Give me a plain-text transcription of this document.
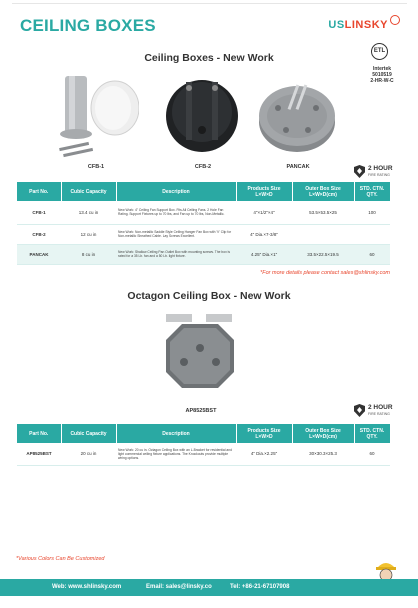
CEILING BOXES	USLINSKY
Ceiling Boxes - New Work
ETL
Intertek
5010519
2-HR-W-C
CFB-1	CFB-2	PANCAK	2 HOUR
FIRE RATING
Part No.	Cubic Capacity	Description	Products Size L×W×D	Outer Box Size L×W×D(cm)	STD. CTN. QTY.
CFB-1	13.4 cu in	New Work: 4" Ceiling Fan Support Box. Fits All Ceiling Fans. 2 Hole Fan Rating. Support Fixtures up to 70 lbs, and Fan up to 70 lbs, Non-Metallic.	4"×1/2"×4"	53.5×53.5×25	100
CFB-2	12 cu in	New Work: Non-metallic Saddle Style Ceiling Hanger Fan Box with 'V' Clip for Non-metallic Sheathed Cable. Lay Screws Excellent.	4" Dia.×7-3/8"		
PANCAK	8 cu in	New Work: Shallow Ceiling Pan Outlet Box with mounting screws. The box is rated for a 35 Lb. fan and a 50 Lb. light fixture.	4.25" Dia.×1"	33.5×22.5×19.5	60
*For more details please contact sales@shlinsky.com
Octagon Ceiling Box - New Work
AP8525BST
2 HOUR
FIRE RATING
Part No.	Cubic Capacity	Description	Products Size L×W×D	Outer Box Size L×W×D(cm)	STD. CTN. QTY.
AP8525BST	20 cu in	New Work: 20 cu in. Octagon Ceiling Box with an L-Bracket for residential and light commercial ceiling fixture applications. The Knockouts provide multiple wiring options.	4" Dia.×2.25"	30×30.3×25.3	60
*Various Colors Can Be Customized
Web: www.shlinsky.com	Email: sales@linsky.co	Tel: +86-21-67107908
